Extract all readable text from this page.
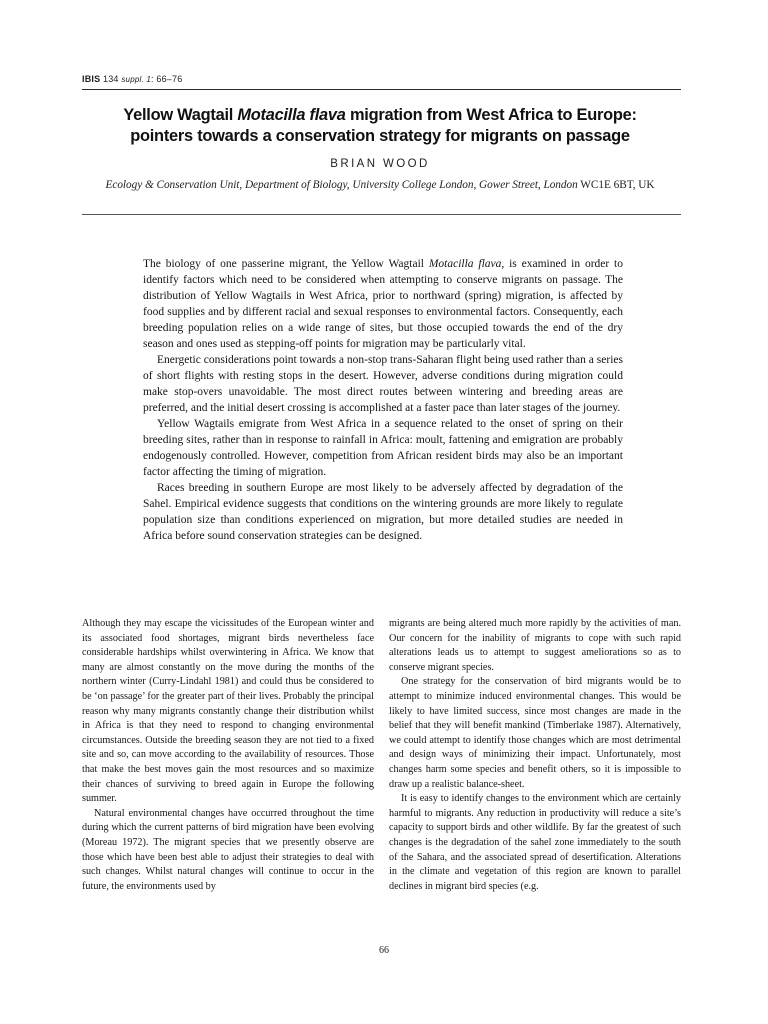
IBIS 134 suppl. 1: 66–76
Yellow Wagtail Motacilla flava migration from West Africa to Europe: pointers towards a conservation strategy for migrants on passage
BRIAN WOOD
Ecology & Conservation Unit, Department of Biology, University College London, Gower Street, London WC1E 6BT, UK

The biology of one passerine migrant, the Yellow Wagtail Motacilla flava, is examined in order to identify factors which need to be considered when attempting to conserve migrants on passage. The distribution of Yellow Wagtails in West Africa, prior to northward (spring) migration, is affected by food supplies and by different racial and sexual responses to environmental factors. Consequently, each breeding population relies on a wide range of sites, but those occupied towards the end of the dry season and ones used as stepping-off points for migration may be particularly vital.

Energetic considerations point towards a non-stop trans-Saharan flight being used rather than a series of short flights with resting stops in the desert. However, adverse conditions during migration could make stop-overs unavoidable. The most direct routes between wintering and breeding areas are preferred, and the initial desert crossing is accomplished at a faster pace than later stages of the journey.

Yellow Wagtails emigrate from West Africa in a sequence related to the onset of spring on their breeding sites, rather than in response to rainfall in Africa: moult, fattening and emigration are probably endogenously controlled. However, competition from African resident birds may also be an important factor affecting the timing of migration.

Races breeding in southern Europe are most likely to be adversely affected by degradation of the Sahel. Empirical evidence suggests that conditions on the wintering grounds are more likely to regulate population size than conditions experienced on migration, but more detailed studies are needed in Africa before sound conservation strategies can be designed.

Although they may escape the vicissitudes of the European winter and its associated food shortages, migrant birds nevertheless face considerable hardships whilst overwintering in Africa. We know that many are almost constantly on the move during the months of the northern winter (Curry-Lindahl 1981) and could thus be considered to be ‘on passage’ for the greater part of their lives. Probably the principal reason why many migrants constantly change their distribution whilst in Africa is that they need to respond to changing environmental circumstances. Outside the breeding season they are not tied to a fixed site and so, can move according to the availability of resources. Those that make the best moves gain the most resources and so maximize their chances of surviving to breed again in Europe the following summer.

Natural environmental changes have occurred throughout the time during which the current patterns of bird migration have been evolving (Moreau 1972). The migrant species that we presently observe are those which have been best able to adjust their strategies to deal with such changes. Whilst natural changes will continue to occur in the future, the environments used by

migrants are being altered much more rapidly by the activities of man. Our concern for the inability of migrants to cope with such rapid alterations leads us to attempt to suggest ameliorations so as to conserve migrant species.

One strategy for the conservation of bird migrants would be to attempt to minimize induced environmental changes. This would be likely to have limited success, since most changes are made in the belief that they will benefit mankind (Timberlake 1987). Alternatively, we could attempt to identify those changes which are most detrimental and design ways of minimizing their impact. Unfortunately, most changes harm some species and benefit others, so it is impossible to draw up a realistic balance-sheet.

It is easy to identify changes to the environment which are certainly harmful to migrants. Any reduction in productivity will reduce a site’s capacity to support birds and other wildlife. By far the greatest of such changes is the degradation of the sahel zone immediately to the south of the Sahara, and the associated spread of desertification. Alterations in the climate and vegetation of this region are known to parallel declines in migrant bird species (e.g.

66
